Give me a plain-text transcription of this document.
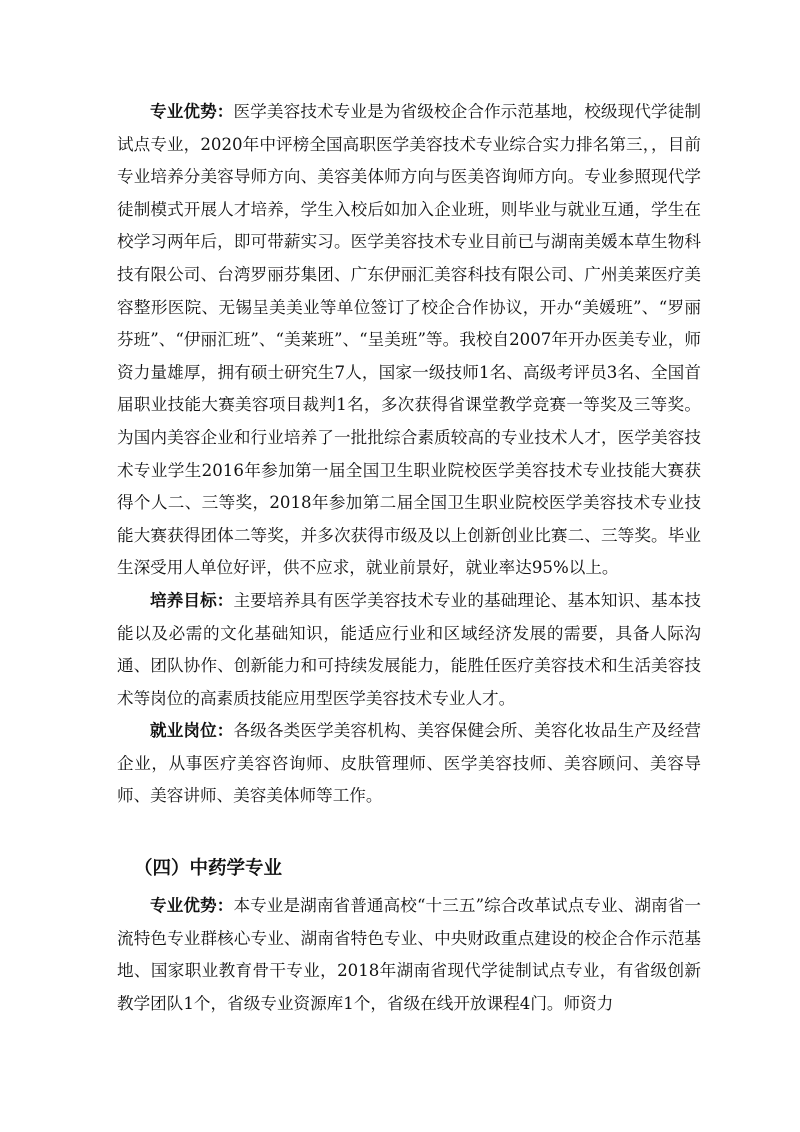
专业优势：医学美容技术专业是为省级校企合作示范基地，校级现代学徒制试点专业，2020年中评榜全国高职医学美容技术专业综合实力排名第三，，目前专业培养分美容导师方向、美容美体师方向与医美咨询师方向。专业参照现代学徒制模式开展人才培养，学生入校后如加入企业班，则毕业与就业互通，学生在校学习两年后，即可带薪实习。医学美容技术专业目前已与湖南美媛本草生物科技有限公司、台湾罗丽芬集团、广东伊丽汇美容科技有限公司、广州美莱医疗美容整形医院、无锡呈美美业等单位签订了校企合作协议，开办“美媛班”、“罗丽芬班”、“伊丽汇班”、“美莱班”、“呈美班”等。我校自2007年开办医美专业，师资力量雄厚，拥有硕士研究生7人，国家一级技师1名、高级考评员3名、全国首届职业技能大赛美容项目裁判1名，多次获得省课堂教学竞赛一等奖及三等奖。为国内美容企业和行业培养了一批批综合素质较高的专业技术人才，医学美容技术专业学生2016年参加第一届全国卫生职业院校医学美容技术专业技能大赛获得个人二、三等奖，2018年参加第二届全国卫生职业院校医学美容技术专业技能大赛获得团体二等奖，并多次获得市级及以上创新创业比赛二、三等奖。毕业生深受用人单位好评，供不应求，就业前景好，就业率达95%以上。

培养目标：主要培养具有医学美容技术专业的基础理论、基本知识、基本技能以及必需的文化基础知识，能适应行业和区域经济发展的需要，具备人际沟通、团队协作、创新能力和可持续发展能力，能胜任医疗美容技术和生活美容技术等岗位的高素质技能应用型医学美容技术专业人才。

就业岗位：各级各类医学美容机构、美容保健会所、美容化妆品生产及经营企业，从事医疗美容咨询师、皮肤管理师、医学美容技师、美容顾问、美容导师、美容讲师、美容美体师等工作。

（四）中药学专业

专业优势：本专业是湖南省普通高校“十三五”综合改革试点专业、湖南省一流特色专业群核心专业、湖南省特色专业、中央财政重点建设的校企合作示范基地、国家职业教育骨干专业，2018年湖南省现代学徒制试点专业，有省级创新教学团队1个，省级专业资源库1个，省级在线开放课程4门。师资力
